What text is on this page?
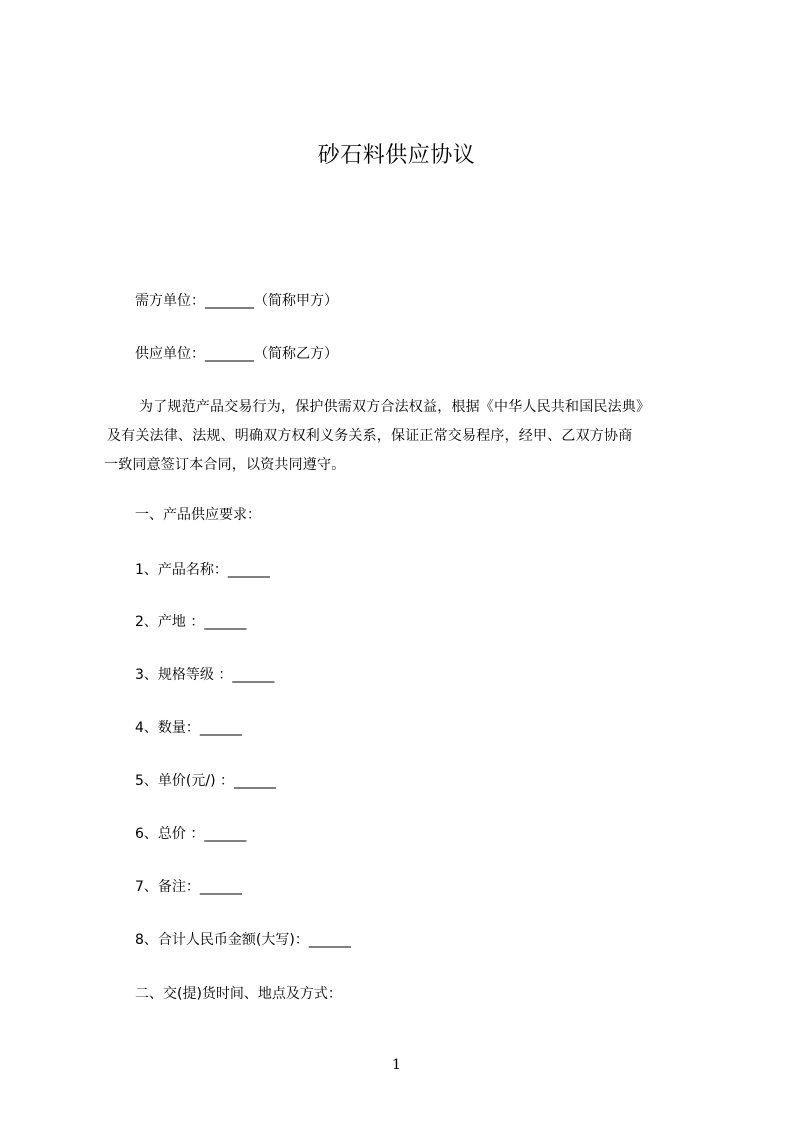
砂石料供应协议
需方单位：_______（简称甲方）
供应单位：_______（简称乙方）
为了规范产品交易行为，保护供需双方合法权益，根据《中华人民共和国民法典》
及有关法律、法规、明确双方权利义务关系，保证正常交易程序，经甲、乙双方协商
一致同意签订本合同，以资共同遵守。
一、产品供应要求：
1、产品名称：______
2、产地 ：______
3、规格等级 ：______
4、数量：______
5、单价(元/) ：______
6、总价 ：______
7、备注：______
8、合计人民币金额(大写)：______
二、交(提)货时间、地点及方式：
1
